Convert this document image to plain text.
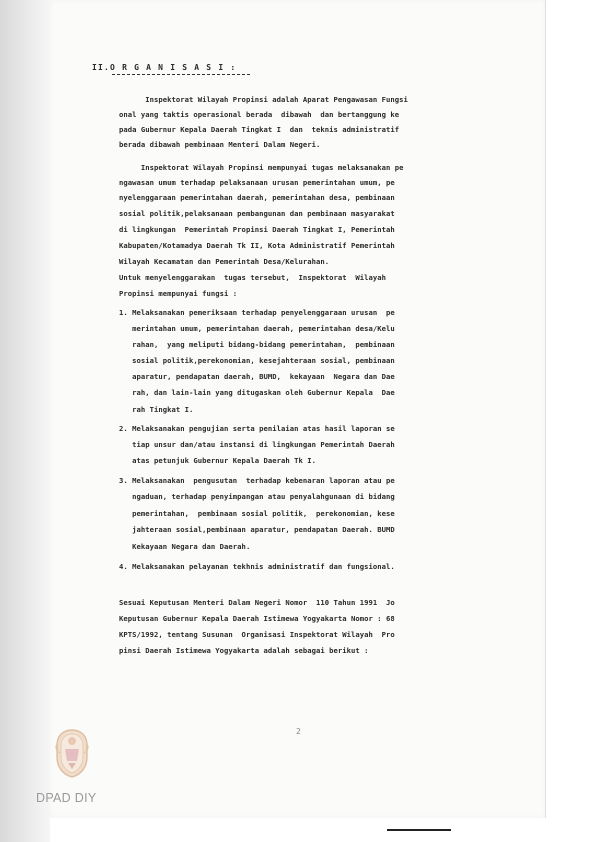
II.O R G A N I S A S I :
Inspektorat Wilayah Propinsi adalah Aparat Pengawasan Fungsi
onal yang taktis operasional berada  dibawah  dan bertanggung ke
pada Gubernur Kepala Daerah Tingkat I  dan  teknis administratif
berada dibawah pembinaan Menteri Dalam Negeri.
Inspektorat Wilayah Propinsi mempunyai tugas melaksanakan pe
ngawasan umum terhadap pelaksanaan urusan pemerintahan umum, pe
nyelenggaraan pemerintahan daerah, pemerintahan desa, pembinaan
sosial politik,pelaksanaan pembangunan dan pembinaan masyarakat
di lingkungan  Pemerintah Propinsi Daerah Tingkat I, Pemerintah
Kabupaten/Kotamadya Daerah Tk II, Kota Administratif Pemerintah
Wilayah Kecamatan dan Pemerintah Desa/Kelurahan.
Untuk menyelenggarakan  tugas tersebut,  Inspektorat  Wilayah
Propinsi mempunyai fungsi :
1. Melaksanakan pemeriksaan terhadap penyelenggaraan urusan  pe
merintahan umum, pemerintahan daerah, pemerintahan desa/Kelu
rahan,  yang meliputi bidang-bidang pemerintahan,  pembinaan
sosial politik,perekonomian, kesejahteraan sosial, pembinaan
aparatur, pendapatan daerah, BUMD,  kekayaan  Negara dan Dae
rah, dan lain-lain yang ditugaskan oleh Gubernur Kepala  Dae
rah Tingkat I.
2. Melaksanakan pengujian serta penilaian atas hasil laporan se
tiap unsur dan/atau instansi di lingkungan Pemerintah Daerah
atas petunjuk Gubernur Kepala Daerah Tk I.
3. Melaksanakan  pengusutan  terhadap kebenaran laporan atau pe
ngaduan, terhadap penyimpangan atau penyalahgunaan di bidang
pemerintahan,  pembinaan sosial politik,  perekonomian, kese
jahteraan sosial,pembinaan aparatur, pendapatan Daerah. BUMD
Kekayaan Negara dan Daerah.
4. Melaksanakan pelayanan tekhnis administratif dan fungsional.
Sesuai Keputusan Menteri Dalam Negeri Nomor  110 Tahun 1991  Jo
Keputusan Gubernur Kepala Daerah Istimewa Yogyakarta Nomor : 68
KPTS/1992, tentang Susunan  Organisasi Inspektorat Wilayah  Pro
pinsi Daerah Istimewa Yogyakarta adalah sebagai berikut :
2
DPAD DIY
